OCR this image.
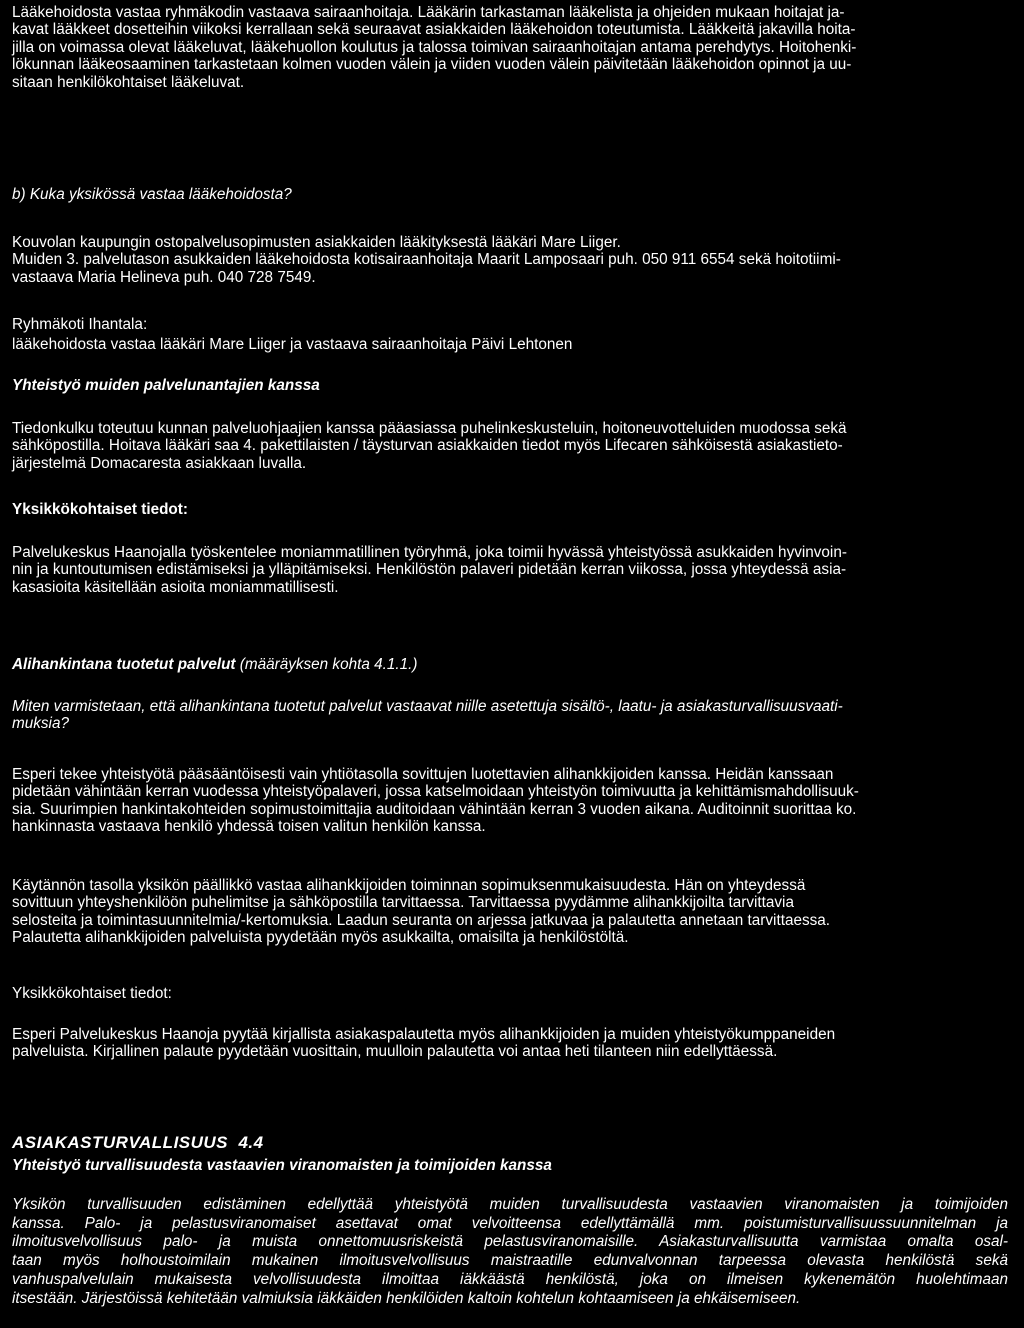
Lääkehoidosta vastaa ryhmäkodin vastaava sairaanhoitaja. Lääkärin tarkastaman lääkelista ja ohjeiden mukaan hoitajat ja-
kavat lääkkeet dosetteihin viikoksi kerrallaan sekä seuraavat asiakkaiden lääkehoidon toteutumista. Lääkkeitä jakavilla hoita-
jilla on voimassa olevat lääkeluvat, lääkehuollon koulutus ja talossa toimivan sairaanhoitajan antama perehdytys. Hoitohenki-
lökunnan lääkeosaaminen tarkastetaan kolmen vuoden välein ja viiden vuoden välein päivitetään lääkehoidon opinnot ja uu-
sitaan henkilökohtaiset lääkeluvat.
b) Kuka yksikössä vastaa lääkehoidosta?
Kouvolan kaupungin ostopalvelusopimusten asiakkaiden lääkityksestä lääkäri Mare Liiger.
Muiden 3. palvelutason asukkaiden lääkehoidosta kotisairaanhoitaja Maarit Lamposaari puh. 050 911 6554 sekä hoitotiimi-
vastaava Maria Helineva puh. 040 728 7549.
Ryhmäkoti Ihantala:
lääkehoidosta vastaa lääkäri Mare Liiger ja vastaava sairaanhoitaja Päivi Lehtonen
Yhteistyö muiden palvelunantajien kanssa
Tiedonkulku toteutuu kunnan palveluohjaajien kanssa pääasiassa puhelinkeskusteluin, hoitoneuvotteluiden muodossa sekä
sähköpostilla. Hoitava lääkäri saa 4. pakettilaisten / täysturvan asiakkaiden tiedot myös Lifecaren sähköisestä asiakastieto-
järjestelmä Domacaresta asiakkaan luvalla.
Yksikkökohtaiset tiedot:
Palvelukeskus Haanojalla työskentelee moniammatillinen työryhmä, joka toimii hyvässä yhteistyössä asukkaiden hyvinvoin-
nin ja kuntoutumisen edistämiseksi ja ylläpitämiseksi. Henkilöstön palaveri pidetään kerran viikossa, jossa yhteydessä asia-
kasasioita käsitellään asioita moniammatillisesti.
Alihankintana tuotetut palvelut (määräyksen kohta 4.1.1.)
Miten varmistetaan, että alihankintana tuotetut palvelut vastaavat niille asetettuja sisältö-, laatu- ja asiakasturvallisuusvaati-
muksia?
Esperi tekee yhteistyötä pääsääntöisesti vain yhtiötasolla sovittujen luotettavien alihankkijoiden kanssa. Heidän kanssaan
pidetään vähintään kerran vuodessa yhteistyöpalaveri, jossa katselmoidaan yhteistyön toimivuutta ja kehittämismahdollisuuk-
sia. Suurimpien hankintakohteiden sopimustoimittajia auditoidaan vähintään kerran 3 vuoden aikana. Auditoinnit suorittaa ko.
hankinnasta vastaava henkilö yhdessä toisen valitun henkilön kanssa.
Käytännön tasolla yksikön päällikkö vastaa alihankkijoiden toiminnan sopimuksenmukaisuudesta. Hän on yhteydessä
sovittuun yhteyshenkilöön puhelimitse ja sähköpostilla tarvittaessa. Tarvittaessa pyydämme alihankkijoilta tarvittavia
selosteita ja toimintasuunnitelmia/-kertomuksia. Laadun seuranta on arjessa jatkuvaa ja palautetta annetaan tarvittaessa.
Palautetta alihankkijoiden palveluista pyydetään myös asukkailta, omaisilta ja henkilöstöltä.
Yksikkökohtaiset tiedot:
Esperi Palvelukeskus Haanoja pyytää kirjallista asiakaspalautetta myös alihankkijoiden ja muiden yhteistyökumppaneiden
palveluista. Kirjallinen palaute pyydetään vuosittain, muulloin palautetta voi antaa heti tilanteen niin edellyttäessä.
ASIAKASTURVALLISUUS  4.4
Yhteistyö turvallisuudesta vastaavien viranomaisten ja toimijoiden kanssa
Yksikön turvallisuuden edistäminen edellyttää yhteistyötä muiden turvallisuudesta vastaavien viranomaisten ja toimijoiden
kanssa. Palo- ja pelastusviranomaiset asettavat omat velvoitteensa edellyttämällä mm. poistumisturvallisuussuunnitelman ja
ilmoitusvelvollisuus palo- ja muista onnettomuusriskeistä pelastusviranomaisille. Asiakasturvallisuutta varmistaa omalta osal-
taan myös holhoustoimilain mukainen ilmoitusvelvollisuus maistraatille edunvalvonnan tarpeessa olevasta henkilöstä sekä
vanhuspalvelulain mukaisesta velvollisuudesta ilmoittaa iäkkäästä henkilöstä, joka on ilmeisen kykenemätön huolehtimaan
itsestään. Järjestöissä kehitetään valmiuksia iäkkäiden henkilöiden kaltoin kohtelun kohtaamiseen ja ehkäisemiseen.
